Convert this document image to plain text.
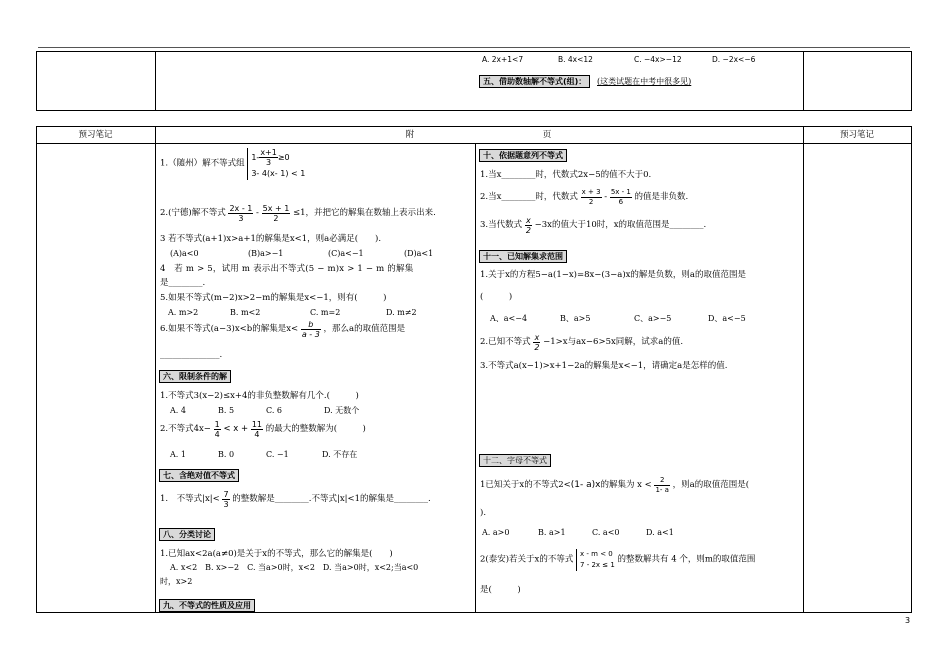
A. 2x+1<7	B. 4x<12	C. −4x>−12	D. −2x<−6
五、借助数轴解不等式(组)： (这类试题在中考中很多见)
预习笔记	附	页	预习笔记
1.（随州）解不等式组
$1- \frac{x+1}{3} \ge 0$
3- 4(x- 1) < 1
2.(宁德)解不等式 $\frac{2x - 1}{3} - \frac{5x + 1}{2} \le 1$，并把它的解集在数轴上表示出来.
3 若不等式(a+1)x>a+1的解集是x<1，则a必满足(　　).
(A)a<0	(B)a>−1	(C)a<−1	(D)a<1
4　若 m > 5，试用 m 表示出不等式(5 − m)x > 1 − m 的解集
是________.
5.如果不等式(m−2)x>2−m的解集是x<−1，则有(　　　)
A. m>2	B. m<2	C. m=2	D. m≠2
6.如果不等式(a−3)x<b的解集是$x< \frac{b}{a - 3}$ ，那么a的取值范围是
______________.
六、限制条件的解
1.不等式3(x−2)≤x+4的非负整数解有几个.(　　　)
A. 4	B. 5	C. 6	D. 无数个
2.不等式$4x- \frac{1}{4} < x + \frac{11}{4}$ 的最大的整数解为(　　　)
A. 1	B. 0	C. −1	D. 不存在
七、含绝对值不等式
1.　不等式$|x|< \frac{7}{3}$ 的整数解是________.不等式|x|<1的解集是________.
八、分类讨论
1.已知ax<2a(a≠0)是关于x的不等式，那么它的解集是(　　)
A. x<2　B. x>−2　C. 当a>0时，x<2　D. 当a>0时，x<2;当a<0
时，x>2
九、不等式的性质及应用
十、依据题意列不等式
1.当x________时，代数式2x−5的值不大于0.
2.当x________时，代数式 $\frac{x + 3}{2} - \frac{5x - 1}{6}$ 的值是非负数.
3.当代数式 $\frac{x}{2} -3x$的值大于10时，x的取值范围是________.
十一、已知解集求范围
1.关于x的方程5−a(1−x)=8x−(3−a)x的解是负数，则a的取值范围是
(　　　)
A、a<−4	B、a>5	C、a>−5	D、a<−5
2.已知不等式 $\frac{x}{2} -1>x$与ax−6>5x同解，试求a的值.
3.不等式a(x−1)>x+1−2a的解集是x<−1，请确定a是怎样的值.
十二、字母不等式
1已知关于x的不等式2<(1- a)x的解集为 $x < \frac{2}{1- a}$ ，则a的取值范围是(
).
A. a>0	B. a>1	C. a<0	D. a<1
2(泰安)若关于x的不等式
x - m < 0
7 - 2x ≤ 1
的整数解共有 4 个，则m的取值范围
是(　　　)
3
